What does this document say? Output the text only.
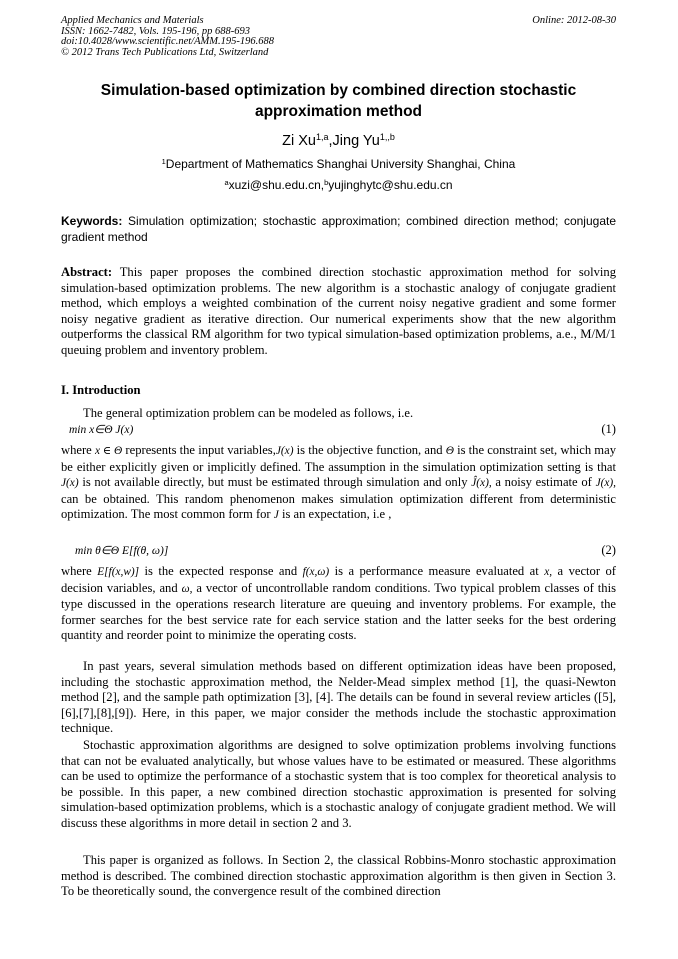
Applied Mechanics and Materials
ISSN: 1662-7482, Vols. 195-196, pp 688-693
doi:10.4028/www.scientific.net/AMM.195-196.688
© 2012 Trans Tech Publications Ltd, Switzerland
Online: 2012-08-30
Simulation-based optimization by combined direction stochastic
approximation method
Zi Xu$^{1,a}$,Jing $Yu^{1,,b}$
$^1$Department of Mathematics Shanghai University Shanghai, China
$^a$xuzi@shu.edu.cn,$^b$yujinghytc@shu.edu.cn
Keywords: Simulation optimization; stochastic approximation; combined direction method; conjugate gradient method
Abstract: This paper proposes the combined direction stochastic approximation method for solving simulation-based optimization problems. The new algorithm is a stochastic analogy of conjugate gradient method, which employs a weighted combination of the current noisy negative gradient and some former noisy negative gradient as iterative direction. Our numerical experiments show that the new algorithm outperforms the classical RM algorithm for two typical simulation-based optimization problems, a.e., M/M/1 queuing problem and inventory problem.
I. Introduction
The general optimization problem can be modeled as follows, i.e.
min x∈Θ J(x)	(1)
where x ∈ Θ represents the input variables,J(x) is the objective function, and Θ is the constraint set, which may be either explicitly given or implicitly defined. The assumption in the simulation optimization setting is that J(x) is not available directly, but must be estimated through simulation and only Ĵ(x), a noisy estimate of J(x), can be obtained. This random phenomenon makes simulation optimization different from deterministic optimization. The most common form for J is an expectation, i.e ,
min θ∈Θ E[f(θ, ω)]	(2)
where E[f(x,w)] is the expected response and f(x,ω) is a performance measure evaluated at x, a vector of decision variables, and ω, a vector of uncontrollable random conditions. Two typical problem classes of this type discussed in the operations research literature are queuing and inventory problems. For example, the former searches for the best service rate for each service station and the latter seeks for the best ordering quantity and reorder point to minimize the operating costs.
In past years, several simulation methods based on different optimization ideas have been proposed, including the stochastic approximation method, the Nelder-Mead simplex method [1], the quasi-Newton method [2], and the sample path optimization [3], [4]. The details can be found in several review articles ([5],[6],[7],[8],[9]). Here, in this paper, we major consider the methods include the stochastic approximation technique.
Stochastic approximation algorithms are designed to solve optimization problems involving functions that can not be evaluated analytically, but whose values have to be estimated or measured. These algorithms can be used to optimize the performance of a stochastic system that is too complex for theoretical analysis to be possible. In this paper, a new combined direction stochastic approximation is presented for solving simulation-based optimization problems, which is a stochastic analogy of conjugate gradient method. We will discuss these algorithms in more detail in section 2 and 3.
This paper is organized as follows. In Section 2, the classical Robbins-Monro stochastic approximation method is described. The combined direction stochastic approximation algorithm is then given in Section 3. To be theoretically sound, the convergence result of the combined direction
